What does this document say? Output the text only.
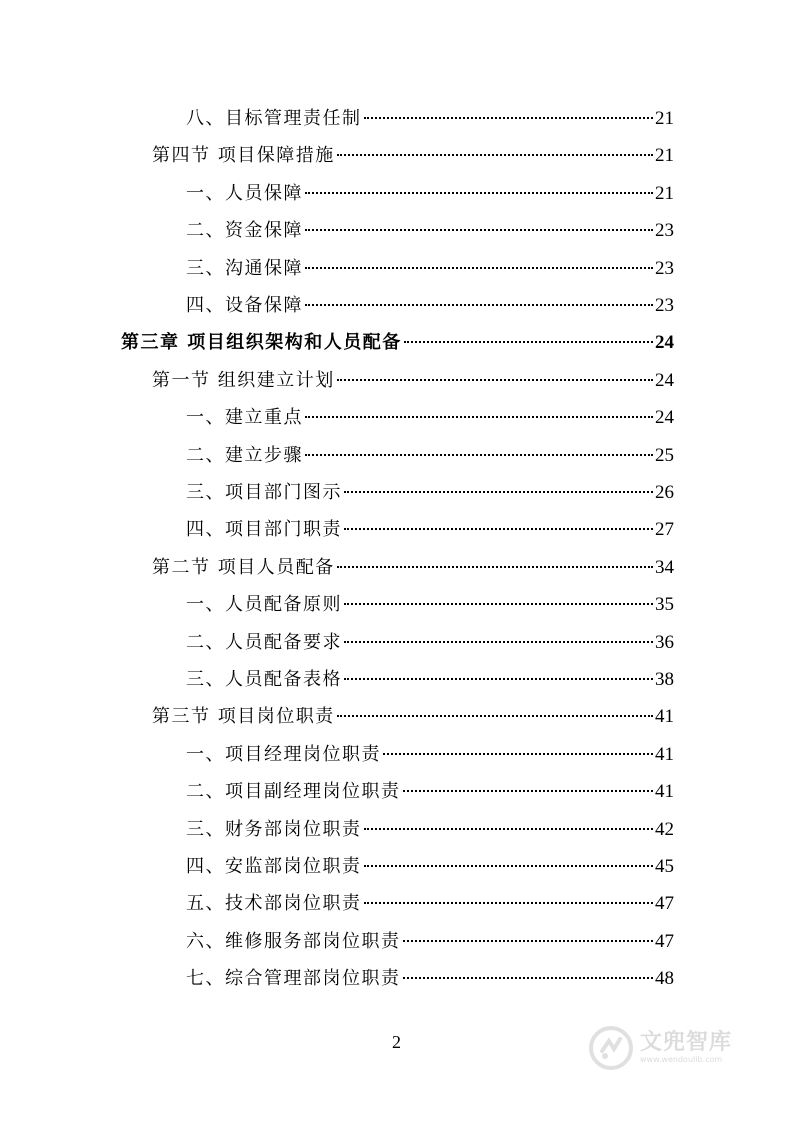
八、目标管理责任制	21
第四节 项目保障措施	21
一、人员保障	21
二、资金保障	23
三、沟通保障	23
四、设备保障	23
第三章 项目组织架构和人员配备	24
第一节 组织建立计划	24
一、建立重点	24
二、建立步骤	25
三、项目部门图示	26
四、项目部门职责	27
第二节 项目人员配备	34
一、人员配备原则	35
二、人员配备要求	36
三、人员配备表格	38
第三节 项目岗位职责	41
一、项目经理岗位职责	41
二、项目副经理岗位职责	41
三、财务部岗位职责	42
四、安监部岗位职责	45
五、技术部岗位职责	47
六、维修服务部岗位职责	47
七、综合管理部岗位职责	48
2	文兜智库
www.wendoulib.com
